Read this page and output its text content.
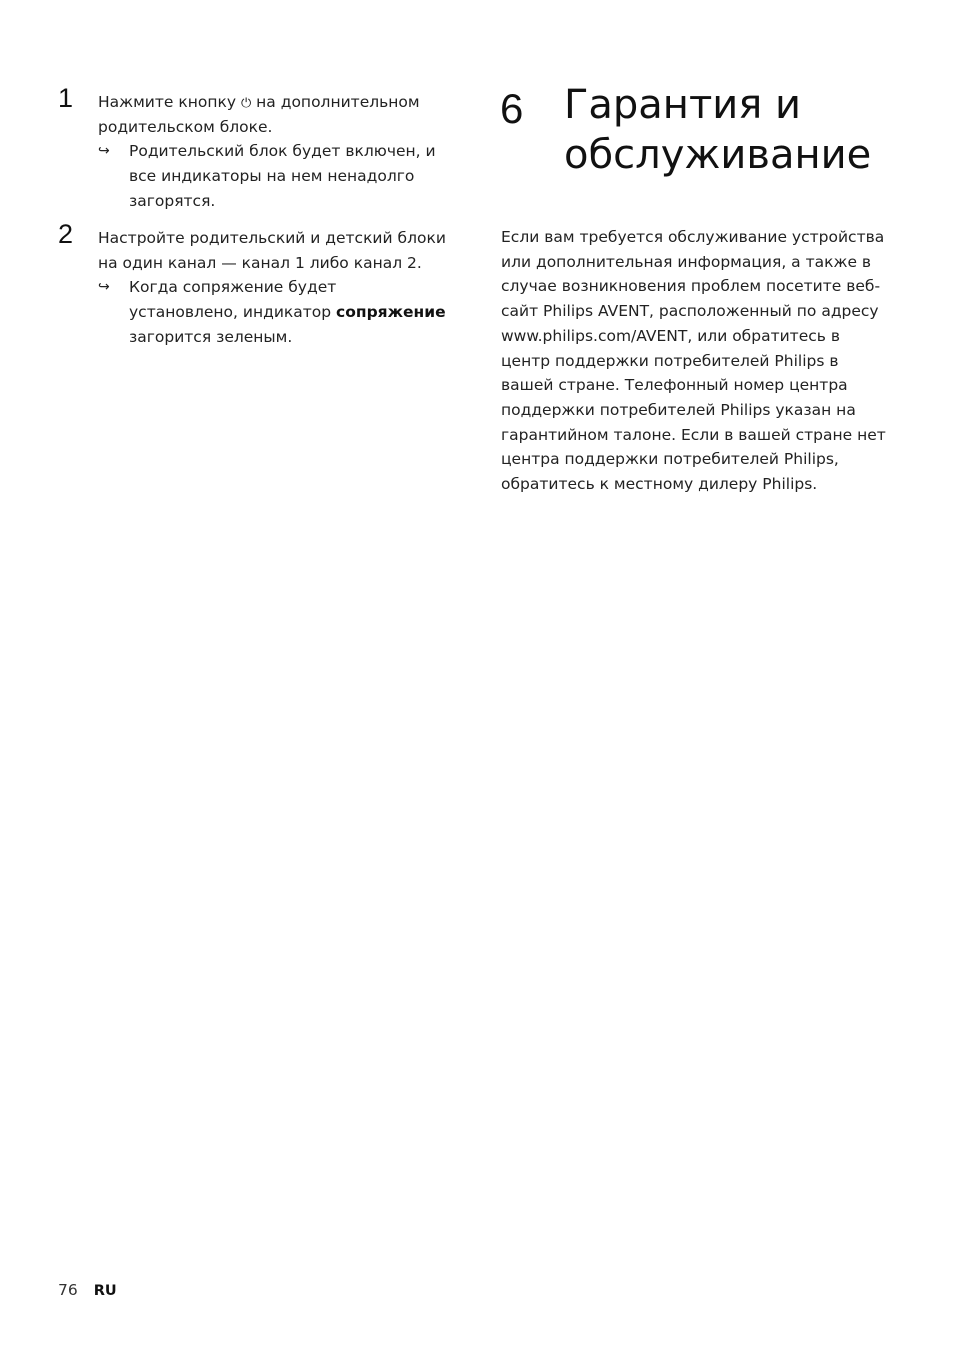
1 Нажмите кнопку ⏻ на дополнительном родительском блоке.
↪ Родительский блок будет включен, и все индикаторы на нем ненадолго загорятся.
2 Настройте родительский и детский блоки на один канал — канал 1 либо канал 2.
↪ Когда сопряжение будет установлено, индикатор сопряжение загорится зеленым.
6 Гарантия и обслуживание
Если вам требуется обслуживание устройства или дополнительная информация, а также в случае возникновения проблем посетите веб-сайт Philips AVENT, расположенный по адресу www.philips.com/AVENT, или обратитесь в центр поддержки потребителей Philips в вашей стране. Телефонный номер центра поддержки потребителей Philips указан на гарантийном талоне. Если в вашей стране нет центра поддержки потребителей Philips, обратитесь к местному дилеру Philips.
76 RU
